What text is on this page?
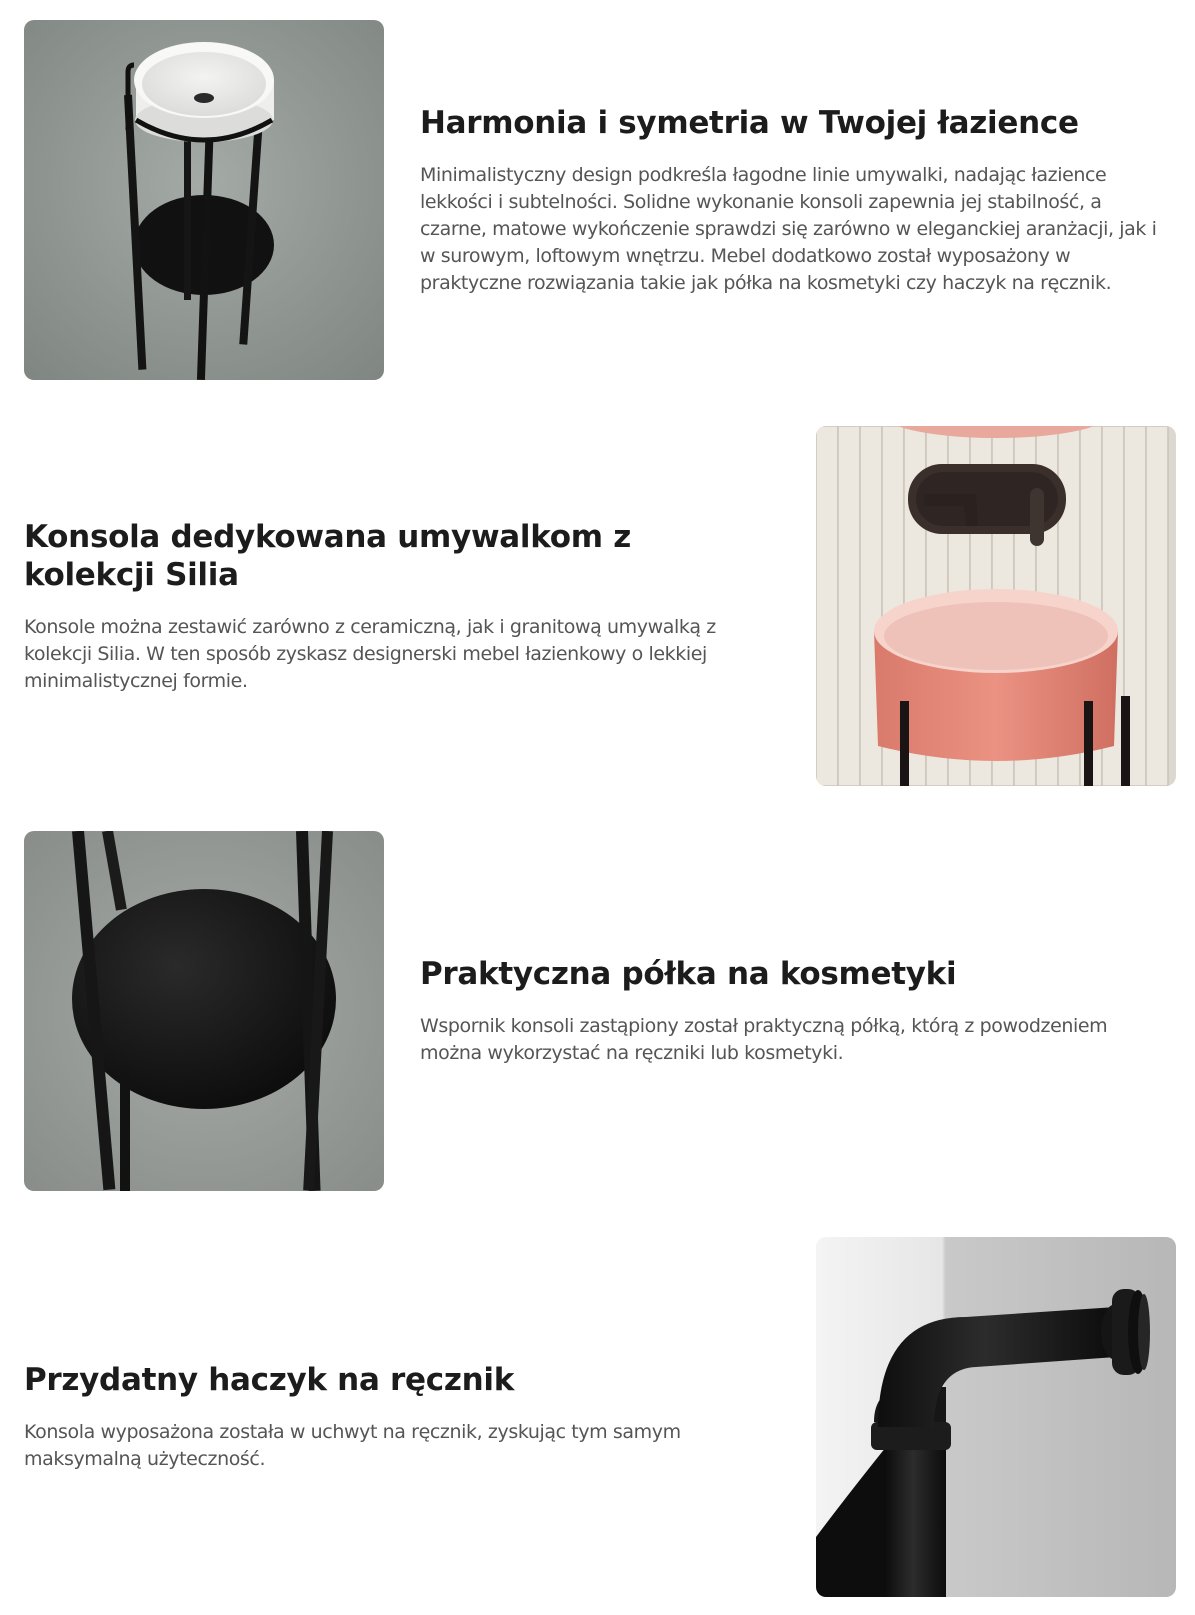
Harmonia i symetria w Twojej łazience

Minimalistyczny design podkreśla łagodne linie umywalki, nadając łazience lekkości i subtelności. Solidne wykonanie konsoli zapewnia jej stabilność, a czarne, matowe wykończenie sprawdzi się zarówno w eleganckiej aranżacji, jak i w surowym, loftowym wnętrzu. Mebel dodatkowo został wyposażony w praktyczne rozwiązania takie jak półka na kosmetyki czy haczyk na ręcznik.

Konsola dedykowana umywalkom z kolekcji Silia

Konsole można zestawić zarówno z ceramiczną, jak i granitową umywalką z kolekcji Silia. W ten sposób zyskasz designerski mebel łazienkowy o lekkiej minimalistycznej formie.

Praktyczna półka na kosmetyki

Wspornik konsoli zastąpiony został praktyczną półką, którą z powodzeniem można wykorzystać na ręczniki lub kosmetyki.

Przydatny haczyk na ręcznik

Konsola wyposażona została w uchwyt na ręcznik, zyskując tym samym maksymalną użyteczność.
